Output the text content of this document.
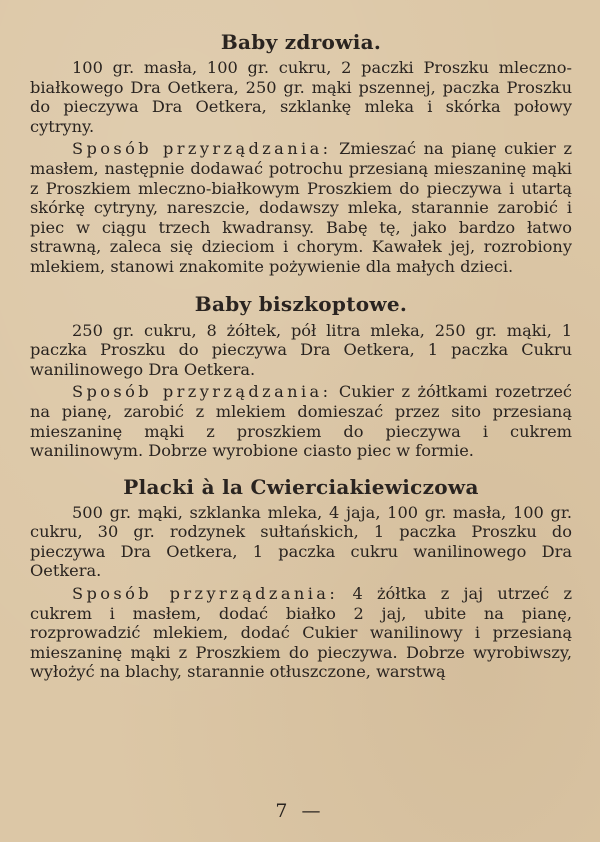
Baby zdrowia.

100 gr. masła, 100 gr. cukru, 2 paczki Proszku mleczno-białkowego Dra Oetkera, 250 gr. mąki pszennej, paczka Proszku do pieczywa Dra Oetkera, szklankę mleka i skórka połowy cytryny.

Sposób przyrządzania: Zmieszać na pianę cukier z masłem, następnie dodawać potrochu przesianą mieszaninę mąki z Proszkiem mleczno-białkowym Proszkiem do pieczywa i utartą skórkę cytryny, nareszcie, dodawszy mleka, starannie zarobić i piec w ciągu trzech kwadransy. Babę tę, jako bardzo łatwo strawną, zaleca się dzieciom i chorym. Kawałek jej, rozrobiony mlekiem, stanowi znakomite pożywienie dla małych dzieci.

Baby biszkoptowe.

250 gr. cukru, 8 żółtek, pół litra mleka, 250 gr. mąki, 1 paczka Proszku do pieczywa Dra Oetkera, 1 paczka Cukru wanilinowego Dra Oetkera.

Sposób przyrządzania: Cukier z żółtkami rozetrzeć na pianę, zarobić z mlekiem domieszać przez sito przesianą mieszaninę mąki z proszkiem do pieczywa i cukrem wanilinowym. Dobrze wyrobione ciasto piec w formie.

Placki à la Cwierciakiewiczowa

500 gr. mąki, szklanka mleka, 4 jaja, 100 gr. masła, 100 gr. cukru, 30 gr. rodzynek sułtańskich, 1 paczka Proszku do pieczywa Dra Oetkera, 1 paczka cukru wanilinowego Dra Oetkera.

Sposób przyrządzania: 4 żółtka z jaj utrzeć z cukrem i masłem, dodać białko 2 jaj, ubite na pianę, rozprowadzić mlekiem, dodać Cukier wanilinowy i przesianą mieszaninę mąki z Proszkiem do pieczywa. Dobrze wyrobiwszy, wyłożyć na blachy, starannie otłuszczone, warstwą

7 —
